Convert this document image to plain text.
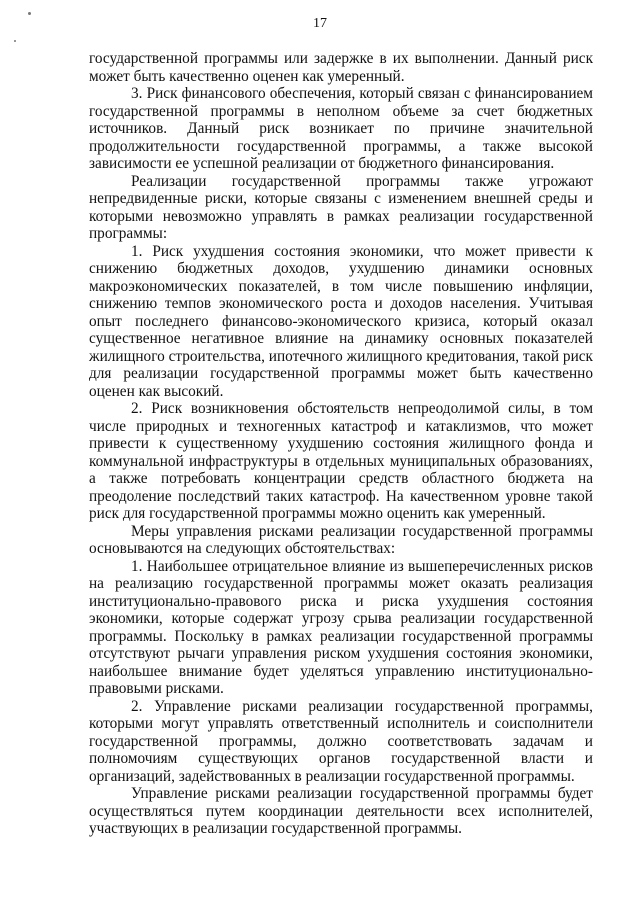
17

государственной программы или задержке в их выполнении. Данный риск может быть качественно оценен как умеренный.

3. Риск финансового обеспечения, который связан с финансированием государственной программы в неполном объеме за счет бюджетных источников. Данный риск возникает по причине значительной продолжительности государственной программы, а также высокой зависимости ее успешной реализации от бюджетного финансирования.

Реализации государственной программы также угрожают непредвиденные риски, которые связаны с изменением внешней среды и которыми невозможно управлять в рамках реализации государственной программы:

1. Риск ухудшения состояния экономики, что может привести к снижению бюджетных доходов, ухудшению динамики основных макроэкономических показателей, в том числе повышению инфляции, снижению темпов экономического роста и доходов населения. Учитывая опыт последнего финансово-экономического кризиса, который оказал существенное негативное влияние на динамику основных показателей жилищного строительства, ипотечного жилищного кредитования, такой риск для реализации государственной программы может быть качественно оценен как высокий.

2. Риск возникновения обстоятельств непреодолимой силы, в том числе природных и техногенных катастроф и катаклизмов, что может привести к существенному ухудшению состояния жилищного фонда и коммунальной инфраструктуры в отдельных муниципальных образованиях, а также потребовать концентрации средств областного бюджета на преодоление последствий таких катастроф. На качественном уровне такой риск для государственной программы можно оценить как умеренный.

Меры управления рисками реализации государственной программы основываются на следующих обстоятельствах:

1. Наибольшее отрицательное влияние из вышеперечисленных рисков на реализацию государственной программы может оказать реализация институционально-правового риска и риска ухудшения состояния экономики, которые содержат угрозу срыва реализации государственной программы. Поскольку в рамках реализации государственной программы отсутствуют рычаги управления риском ухудшения состояния экономики, наибольшее внимание будет уделяться управлению институционально-правовыми рисками.

2. Управление рисками реализации государственной программы, которыми могут управлять ответственный исполнитель и соисполнители государственной программы, должно соответствовать задачам и полномочиям существующих органов государственной власти и организаций, задействованных в реализации государственной программы.

Управление рисками реализации государственной программы будет осуществляться путем координации деятельности всех исполнителей, участвующих в реализации государственной программы.
